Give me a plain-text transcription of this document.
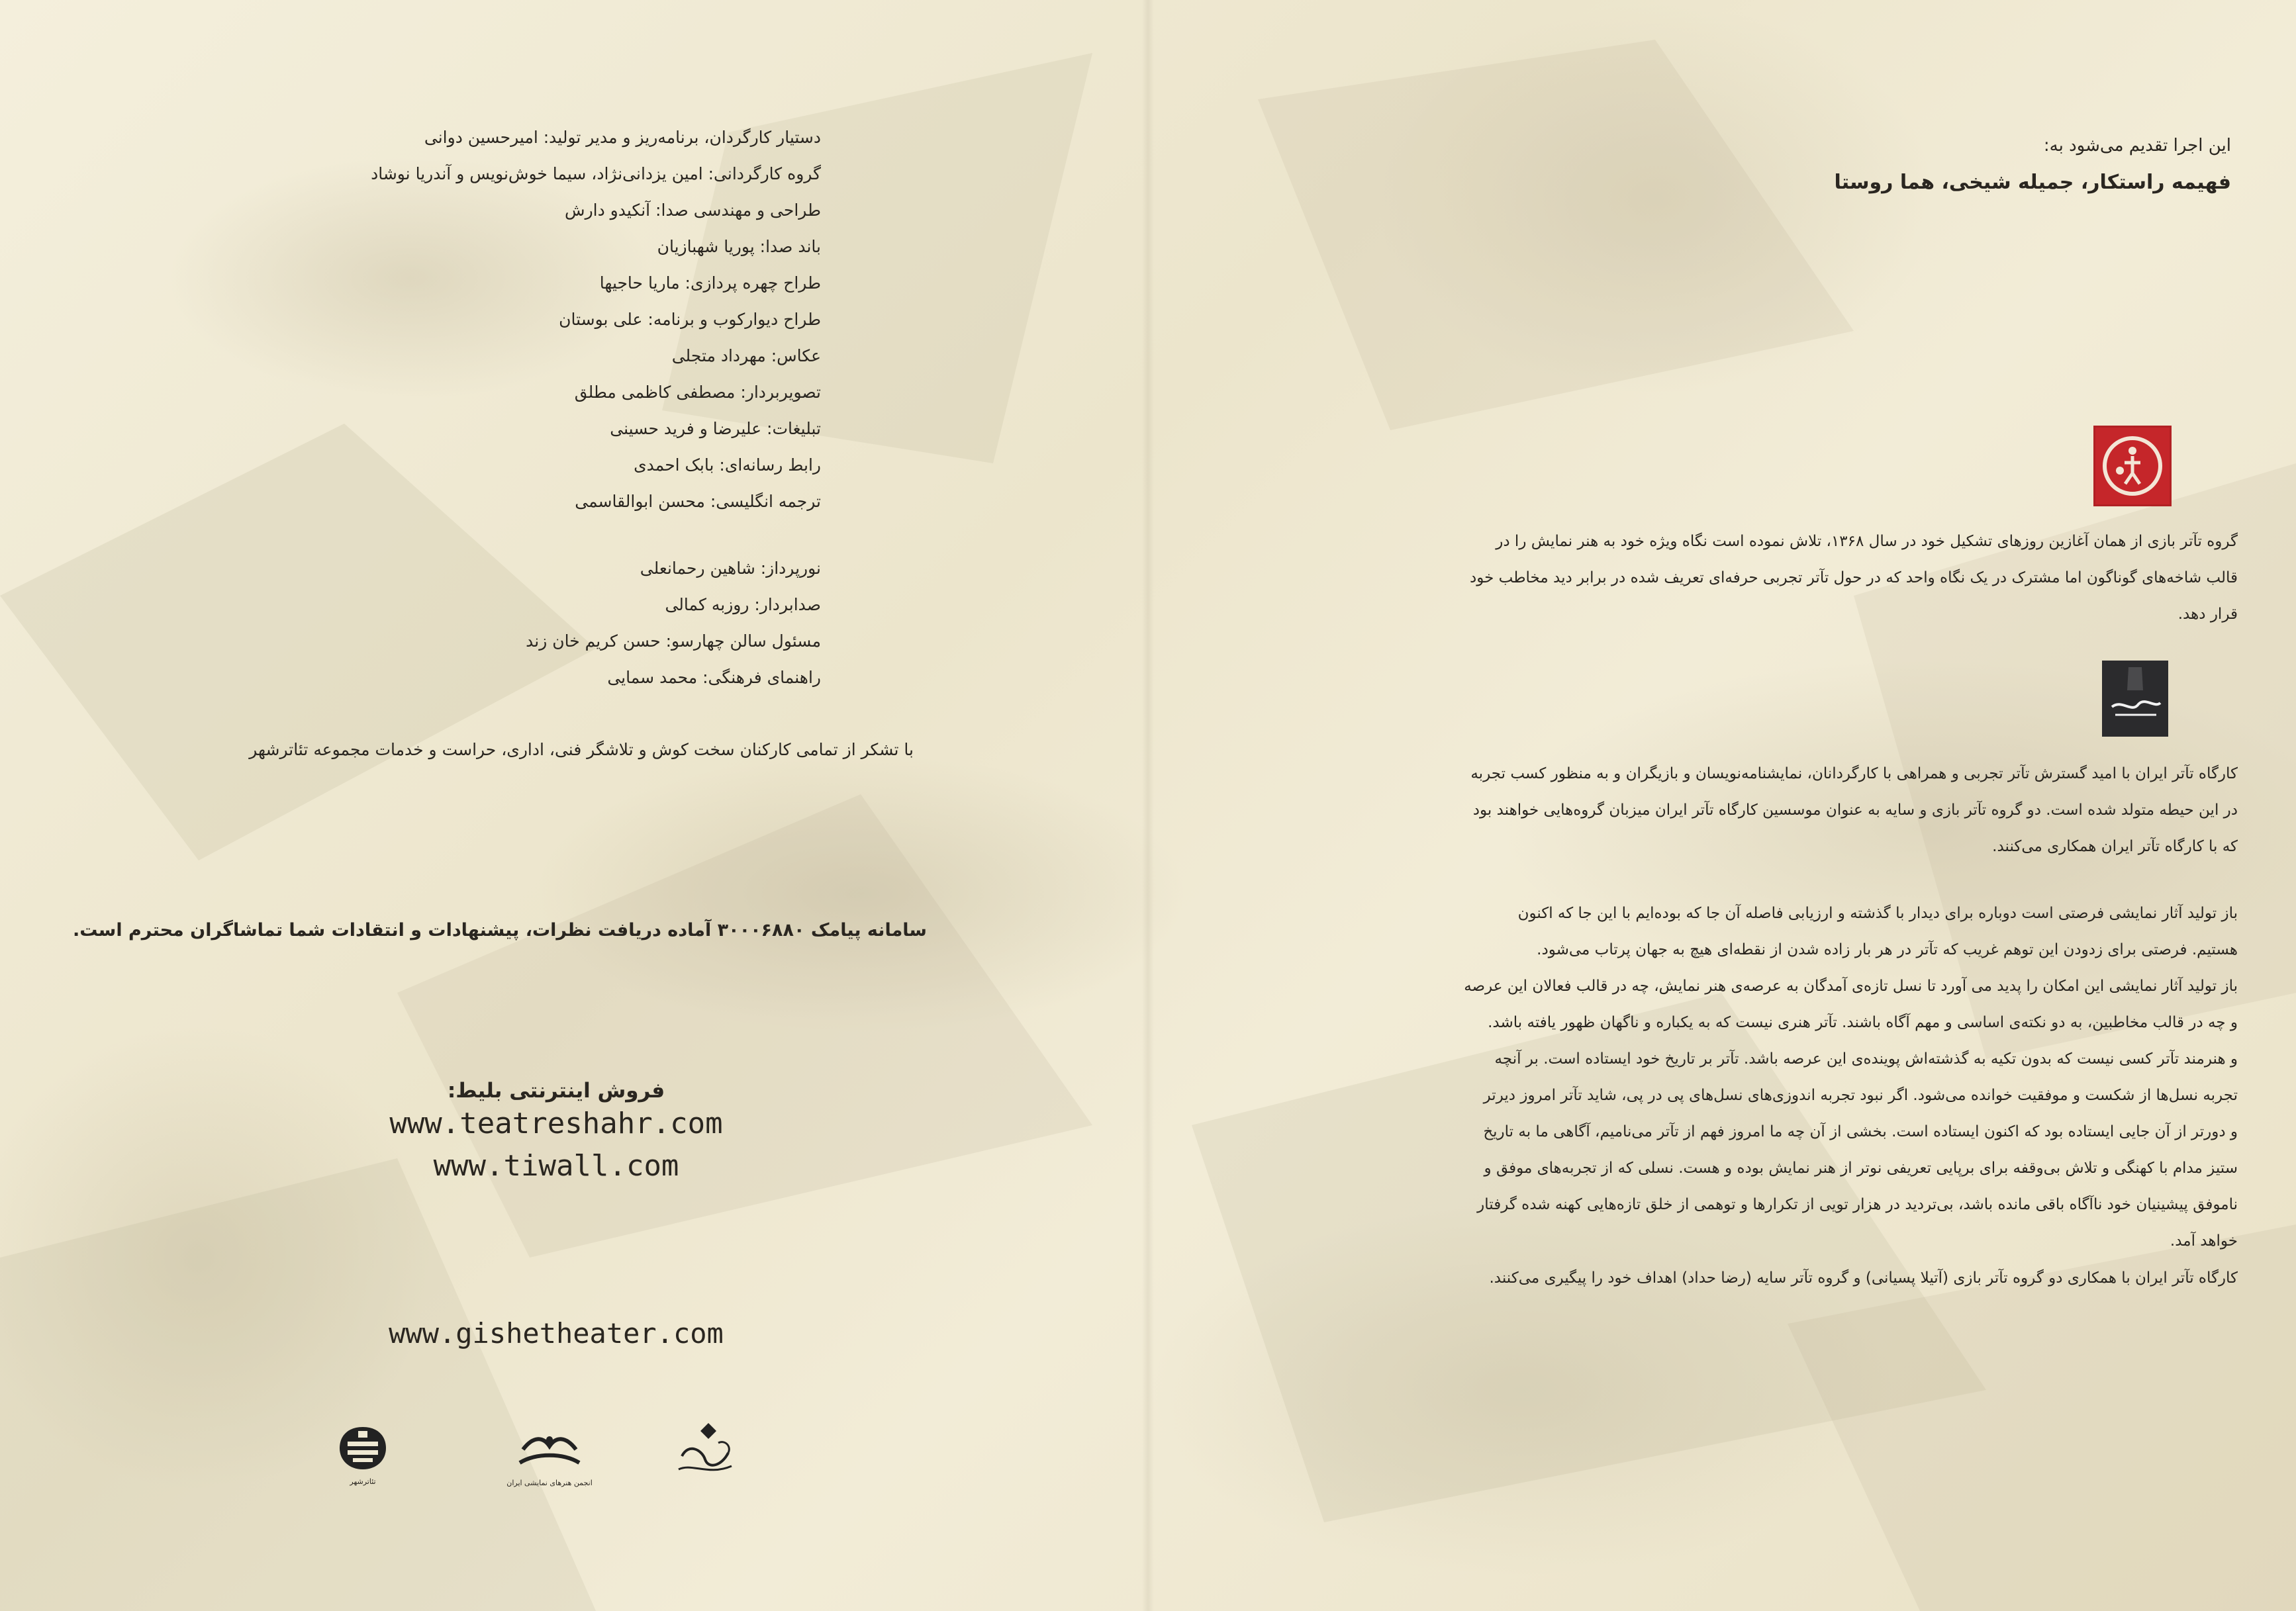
دستیار کارگردان، برنامه‌ریز و مدیر تولید: امیرحسین دوانی
گروه کارگردانی: امین یزدانی‌نژاد، سیما خوش‌نویس و آندریا نوشاد
طراحی و مهندسی صدا: آنکیدو دارش
باند صدا: پوریا شهبازیان
طراح چهره پردازی: ماریا حاجیها
طراح دیوارکوب و برنامه: علی بوستان
عکاس: مهرداد متجلی
تصویربردار: مصطفی کاظمی مطلق
تبلیغات: علیرضا و فرید حسینی
رابط رسانه‌ای: بابک احمدی
ترجمه انگلیسی: محسن ابوالقاسمی
نورپرداز: شاهین رحمانعلی
صدابردار: روزبه کمالی
مسئول سالن چهارسو: حسن کریم خان زند
راهنمای فرهنگی: محمد سمایی
با تشکر از تمامی کارکنان سخت کوش و تلاشگر فنی، اداری، حراست و خدمات مجموعه تئاترشهر
سامانه پیامک ۳۰۰۰۶۸۸۰ آماده دریافت نظرات، پیشنهادات و انتقادات شما تماشاگران محترم است.
فروش اینترنتی بلیط:
www.teatreshahr.com
www.tiwall.com
www.gishetheater.com
تئاترشهر	انجمن هنرهای نمایشی ایران
این اجرا تقدیم می‌شود به:
فهیمه راستکار، جمیله شیخی، هما روستا
گروه تآتر بازی از همان آغازین روزهای تشکیل خود در سال ۱۳۶۸، تلاش نموده است نگاه ویژه خود به هنر نمایش را در
قالب شاخه‌های گوناگون اما مشترک در یک نگاه واحد که در حول تآتر تجربی حرفه‌ای تعریف شده در برابر دید مخاطب خود
قرار دهد.
کارگاه تآتر ایران با امید گسترش تآتر تجربی و همراهی با کارگردانان، نمایشنامه‌نویسان و بازیگران و به منظور کسب تجربه
در این حیطه متولد شده است. دو گروه تآتر بازی و سایه به عنوان موسسین کارگاه تآتر ایران میزبان گروه‌هایی خواهند بود
که با کارگاه تآتر ایران همکاری می‌کنند.
باز تولید آثار نمایشی فرصتی است دوباره برای دیدار با گذشته و ارزیابی فاصله آن جا که بوده‌ایم با این جا که اکنون
هستیم. فرصتی برای زدودن این توهم غریب که تآتر در هر بار زاده شدن از نقطه‌ای هیچ به جهان پرتاب می‌شود.
باز تولید آثار نمایشی این امکان را پدید می آورد تا نسل تازه‌ی آمدگان به عرصه‌ی هنر نمایش، چه در قالب فعالان این عرصه
و چه در قالب مخاطبین، به دو نکته‌ی اساسی و مهم آگاه باشند. تآتر هنری نیست که به یکباره و ناگهان ظهور یافته باشد.
و هنرمند تآتر کسی نیست که بدون تکیه به گذشته‌اش پوینده‌ی این عرصه باشد. تآتر بر تاریخ خود ایستاده است. بر آنچه
تجربه نسل‌ها از شکست و موفقیت خوانده می‌شود. اگر نبود تجربه اندوزی‌های نسل‌های پی در پی، شاید تآتر امروز دیرتر
و دورتر از آن جایی ایستاده بود که اکنون ایستاده است. بخشی از آن چه ما امروز فهم از تآتر می‌نامیم، آگاهی ما به تاریخ
ستیز مدام با کهنگی و تلاش بی‌وقفه برای برپایی تعریفی نوتر از هنر نمایش بوده و هست. نسلی که از تجربه‌های موفق و
ناموفق پیشینیان خود ناآگاه باقی مانده باشد، بی‌تردید در هزار تویی از تکرارها و توهمی از خلق تازه‌هایی کهنه شده گرفتار
خواهد آمد.
کارگاه تآتر ایران با همکاری دو گروه تآتر بازی (آتیلا پسیانی) و گروه تآتر سایه (رضا حداد) اهداف خود را پیگیری می‌کنند.
